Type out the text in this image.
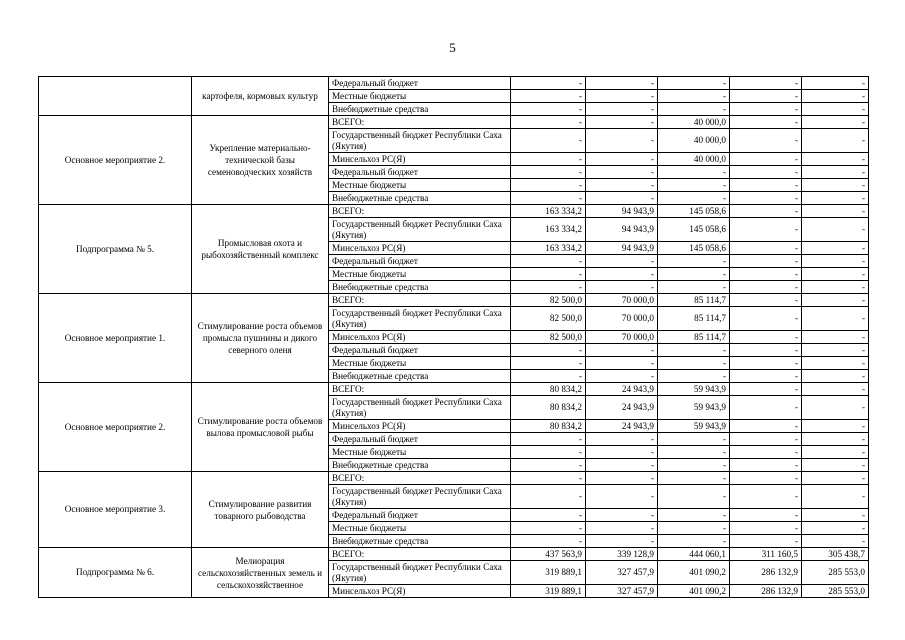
5
	картофеля, кормовых культур	Федеральный бюджет	-	-	-	-	-
		Местные бюджеты	-	-	-	-	-
		Внебюджетные средства	-	-	-	-	-
Основное мероприятие 2.	Укрепление материально-технической базы семеноводческих хозяйств	ВСЕГО:	-	-	40 000,0	-	-
		Государственный бюджет Республики Саха (Якутия)	-	-	40 000,0	-	-
		Минсельхоз РС(Я)	-	-	40 000,0	-	-
		Федеральный бюджет	-	-	-	-	-
		Местные бюджеты	-	-	-	-	-
		Внебюджетные средства	-	-	-	-	-
Подпрограмма № 5.	Промысловая охота и рыбохозяйственный комплекс	ВСЕГО:	163 334,2	94 943,9	145 058,6	-	-
		Государственный бюджет Республики Саха (Якутия)	163 334,2	94 943,9	145 058,6	-	-
		Минсельхоз РС(Я)	163 334,2	94 943,9	145 058,6	-	-
		Федеральный бюджет	-	-	-	-	-
		Местные бюджеты	-	-	-	-	-
		Внебюджетные средства	-	-	-	-	-
Основное мероприятие 1.	Стимулирование роста объемов промысла пушнины и дикого северного оленя	ВСЕГО:	82 500,0	70 000,0	85 114,7	-	-
		Государственный бюджет Республики Саха (Якутия)	82 500,0	70 000,0	85 114,7	-	-
		Минсельхоз РС(Я)	82 500,0	70 000,0	85 114,7	-	-
		Федеральный бюджет	-	-	-	-	-
		Местные бюджеты	-	-	-	-	-
		Внебюджетные средства	-	-	-	-	-
Основное мероприятие 2.	Стимулирование роста объемов вылова промысловой рыбы	ВСЕГО:	80 834,2	24 943,9	59 943,9	-	-
		Государственный бюджет Республики Саха (Якутия)	80 834,2	24 943,9	59 943,9	-	-
		Минсельхоз РС(Я)	80 834,2	24 943,9	59 943,9	-	-
		Федеральный бюджет	-	-	-	-	-
		Местные бюджеты	-	-	-	-	-
		Внебюджетные средства	-	-	-	-	-
Основное мероприятие 3.	Стимулирование развития товарного рыбоводства	ВСЕГО:	-	-	-	-	-
		Государственный бюджет Республики Саха (Якутия)	-	-	-	-	-
		Федеральный бюджет	-	-	-	-	-
		Местные бюджеты	-	-	-	-	-
		Внебюджетные средства	-	-	-	-	-
Подпрограмма № 6.	Мелиорация сельскохозяйственных земель и сельскохозяйственное	ВСЕГО:	437 563,9	339 128,9	444 060,1	311 160,5	305 438,7
		Государственный бюджет Республики Саха (Якутия)	319 889,1	327 457,9	401 090,2	286 132,9	285 553,0
		Минсельхоз РС(Я)	319 889,1	327 457,9	401 090,2	286 132,9	285 553,0
